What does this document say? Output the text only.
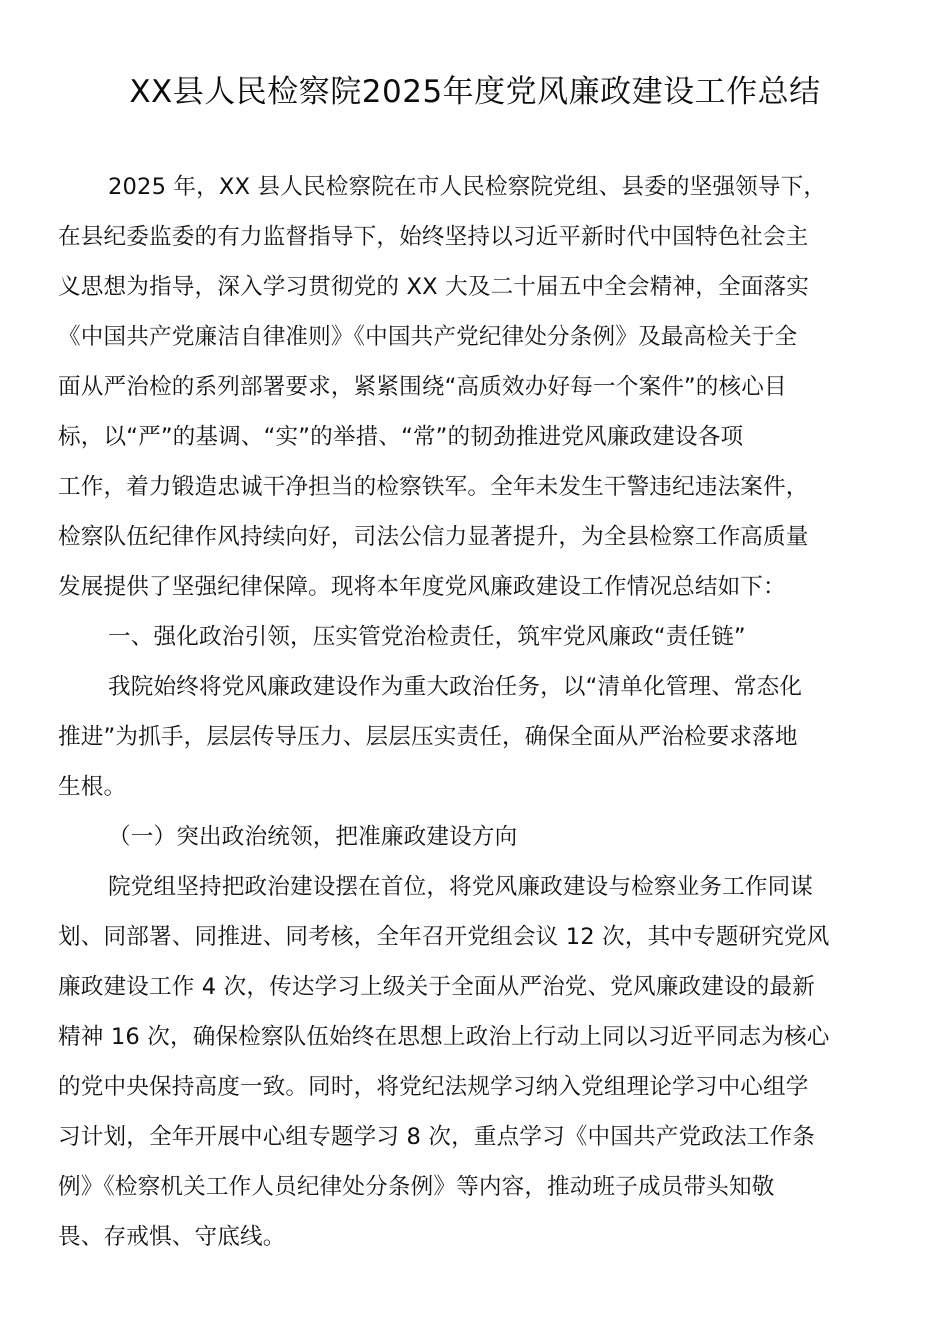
XX县人民检察院2025年度党风廉政建设工作总结
2025 年，XX 县人民检察院在市人民检察院党组、县委的坚强领导下，
在县纪委监委的有力监督指导下，始终坚持以习近平新时代中国特色社会主
义思想为指导，深入学习贯彻党的 XX 大及二十届五中全会精神，全面落实
《中国共产党廉洁自律准则》《中国共产党纪律处分条例》及最高检关于全
面从严治检的系列部署要求，紧紧围绕“高质效办好每一个案件”的核心目
标，以“严”的基调、“实”的举措、“常”的韧劲推进党风廉政建设各项
工作，着力锻造忠诚干净担当的检察铁军。全年未发生干警违纪违法案件，
检察队伍纪律作风持续向好，司法公信力显著提升，为全县检察工作高质量
发展提供了坚强纪律保障。现将本年度党风廉政建设工作情况总结如下：
一、强化政治引领，压实管党治检责任，筑牢党风廉政“责任链”
我院始终将党风廉政建设作为重大政治任务，以“清单化管理、常态化
推进”为抓手，层层传导压力、层层压实责任，确保全面从严治检要求落地
生根。
（一）突出政治统领，把准廉政建设方向
院党组坚持把政治建设摆在首位，将党风廉政建设与检察业务工作同谋
划、同部署、同推进、同考核，全年召开党组会议 12 次，其中专题研究党风
廉政建设工作 4 次，传达学习上级关于全面从严治党、党风廉政建设的最新
精神 16 次，确保检察队伍始终在思想上政治上行动上同以习近平同志为核心
的党中央保持高度一致。同时，将党纪法规学习纳入党组理论学习中心组学
习计划，全年开展中心组专题学习 8 次，重点学习《中国共产党政法工作条
例》《检察机关工作人员纪律处分条例》等内容，推动班子成员带头知敬
畏、存戒惧、守底线。
